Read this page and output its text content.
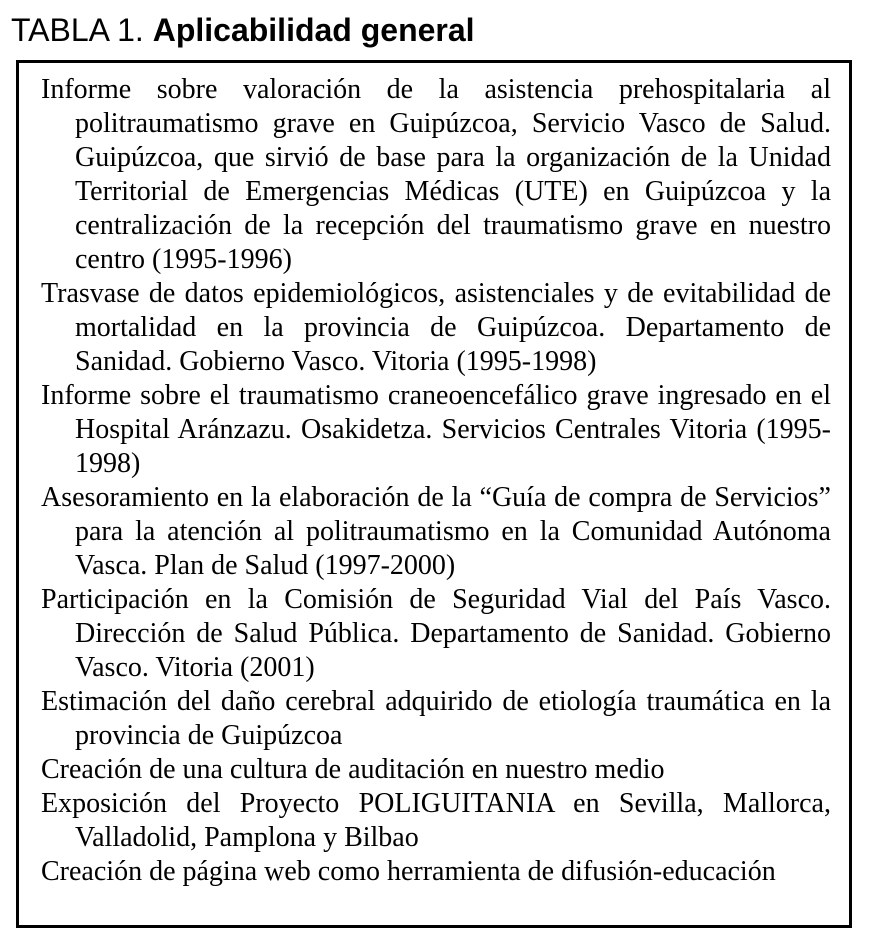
TABLA 1. Aplicabilidad general

Informe sobre valoración de la asistencia prehospitalaria al politraumatismo grave en Guipúzcoa, Servicio Vasco de Salud. Guipúzcoa, que sirvió de base para la organización de la Unidad Territorial de Emergencias Médicas (UTE) en Guipúzcoa y la centralización de la recepción del traumatismo grave en nuestro centro (1995-1996)

Trasvase de datos epidemiológicos, asistenciales y de evitabilidad de mortalidad en la provincia de Guipúzcoa. Departamento de Sanidad. Gobierno Vasco. Vitoria (1995-1998)

Informe sobre el traumatismo craneoencefálico grave ingresado en el Hospital Aránzazu. Osakidetza. Servicios Centrales Vitoria (1995-1998)

Asesoramiento en la elaboración de la “Guía de compra de Servicios” para la atención al politraumatismo en la Comunidad Autónoma Vasca. Plan de Salud (1997-2000)

Participación en la Comisión de Seguridad Vial del País Vasco. Dirección de Salud Pública. Departamento de Sanidad. Gobierno Vasco. Vitoria (2001)

Estimación del daño cerebral adquirido de etiología traumática en la provincia de Guipúzcoa

Creación de una cultura de auditación en nuestro medio

Exposición del Proyecto POLIGUITANIA en Sevilla, Mallorca, Valladolid, Pamplona y Bilbao

Creación de página web como herramienta de difusión-educación
